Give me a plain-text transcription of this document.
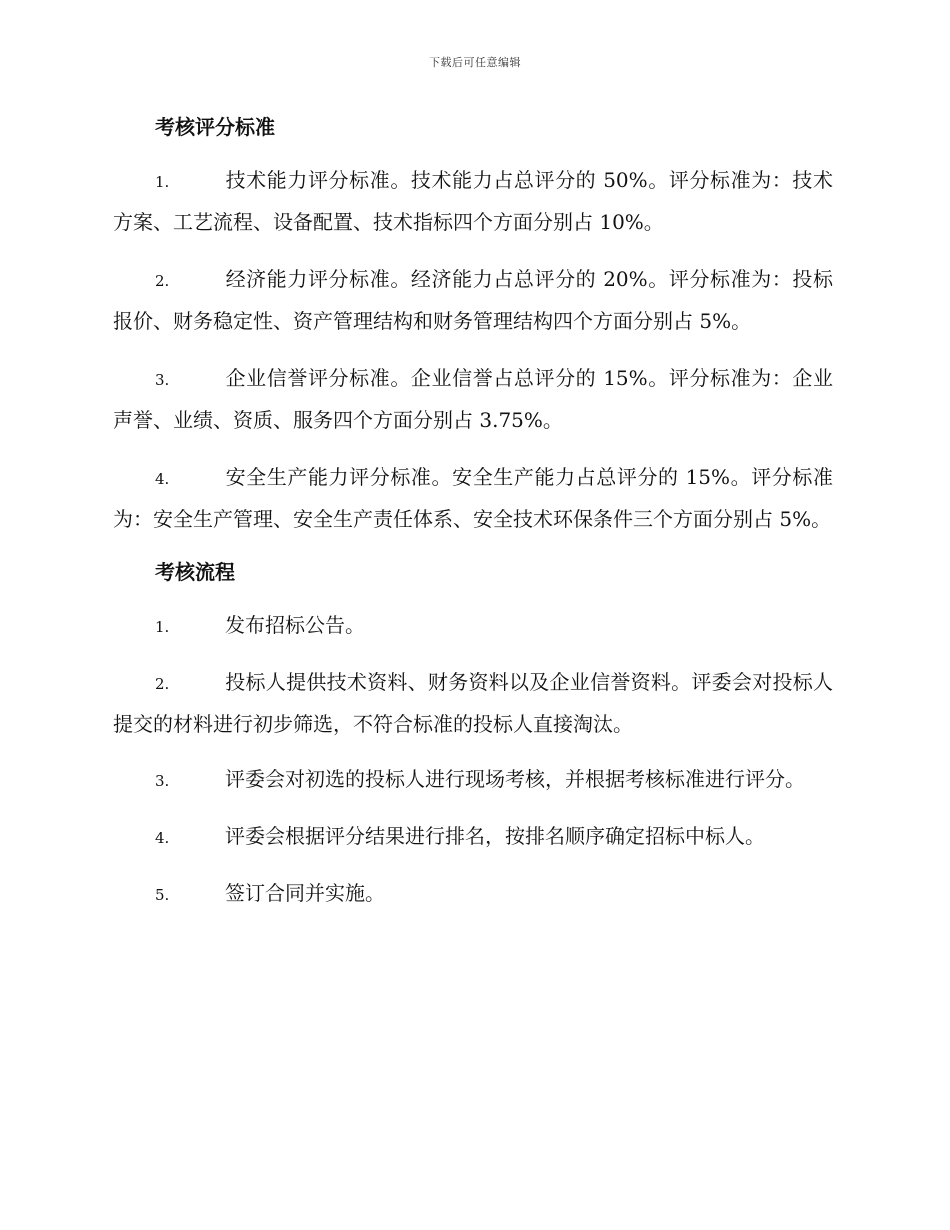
下载后可任意编辑
考核评分标准

1.	技术能力评分标准。技术能力占总评分的 50%。评分标准为：技术方案、工艺流程、设备配置、技术指标四个方面分别占 10%。

2.	经济能力评分标准。经济能力占总评分的 20%。评分标准为：投标报价、财务稳定性、资产管理结构和财务管理结构四个方面分别占 5%。

3.	企业信誉评分标准。企业信誉占总评分的 15%。评分标准为：企业声誉、业绩、资质、服务四个方面分别占 3.75%。

4.	安全生产能力评分标准。安全生产能力占总评分的 15%。评分标准为：安全生产管理、安全生产责任体系、安全技术环保条件三个方面分别占 5%。

考核流程

1.	发布招标公告。

2.	投标人提供技术资料、财务资料以及企业信誉资料。评委会对投标人提交的材料进行初步筛选，不符合标准的投标人直接淘汰。

3.	评委会对初选的投标人进行现场考核，并根据考核标准进行评分。

4.	评委会根据评分结果进行排名，按排名顺序确定招标中标人。

5.	签订合同并实施。
